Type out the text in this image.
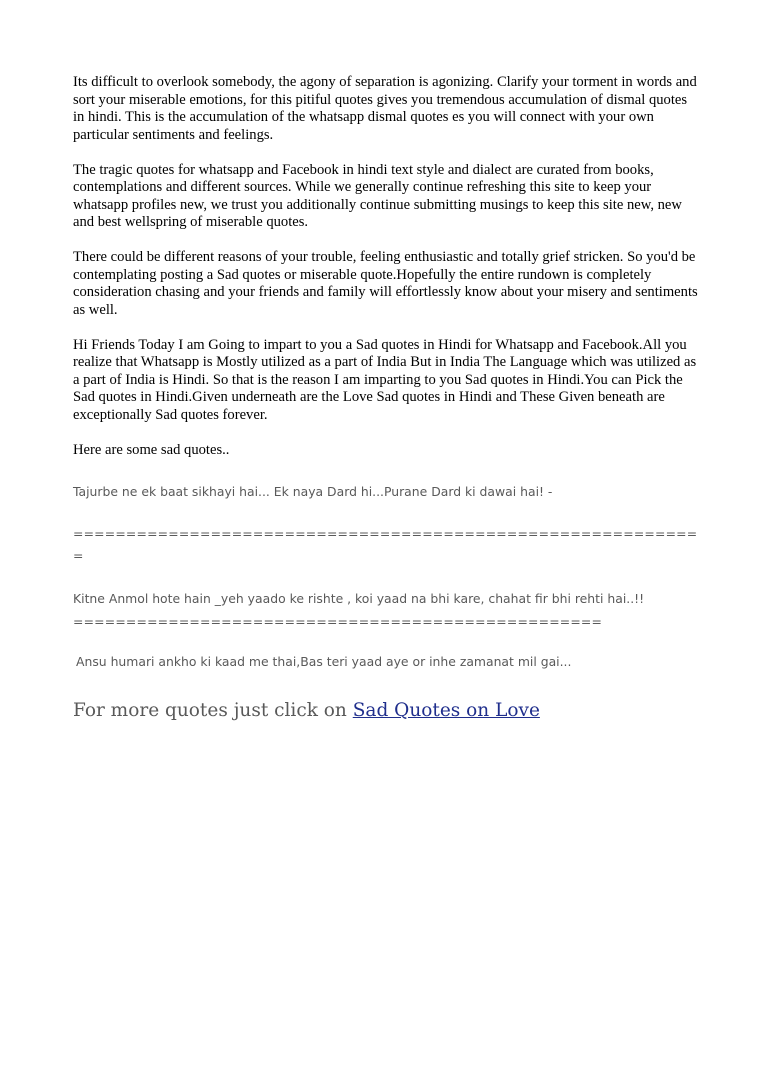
Its difficult to overlook somebody, the agony of separation is agonizing. Clarify your torment in words and sort your miserable emotions, for this pitiful quotes gives you tremendous accumulation of dismal quotes in hindi. This is the accumulation of the whatsapp dismal quotes es you will connect with your own particular sentiments and feelings.

The tragic quotes for whatsapp and Facebook in hindi text style and dialect are curated from books, contemplations and different sources. While we generally continue refreshing this site to keep your whatsapp profiles new, we trust you additionally continue submitting musings to keep this site new, new and best wellspring of miserable quotes.

There could be different reasons of your trouble, feeling enthusiastic and totally grief stricken. So you'd be contemplating posting a Sad quotes or miserable quote.Hopefully the entire rundown is completely consideration chasing and your friends and family will effortlessly know about your misery and sentiments as well.

Hi Friends Today I am Going to impart to you a Sad quotes in Hindi for Whatsapp and Facebook.All you realize that Whatsapp is Mostly utilized as a part of India But in India The Language which was utilized as a part of India is Hindi. So that is the reason I am imparting to you Sad quotes in Hindi.You can Pick the Sad quotes in Hindi.Given underneath are the Love Sad quotes in Hindi and These Given beneath are exceptionally Sad quotes forever.

Here are some sad quotes..

Tajurbe ne ek baat sikhayi hai... Ek naya Dard hi...Purane Dard ki dawai hai! -

============================================================

Kitne Anmol hote hain _yeh yaado ke rishte , koi yaad na bhi kare, chahat fir bhi rehti hai..!!

==================================================

Ansu humari ankho ki kaad me thai,Bas teri yaad aye or inhe zamanat mil gai...

For more quotes just click on Sad Quotes on Love
